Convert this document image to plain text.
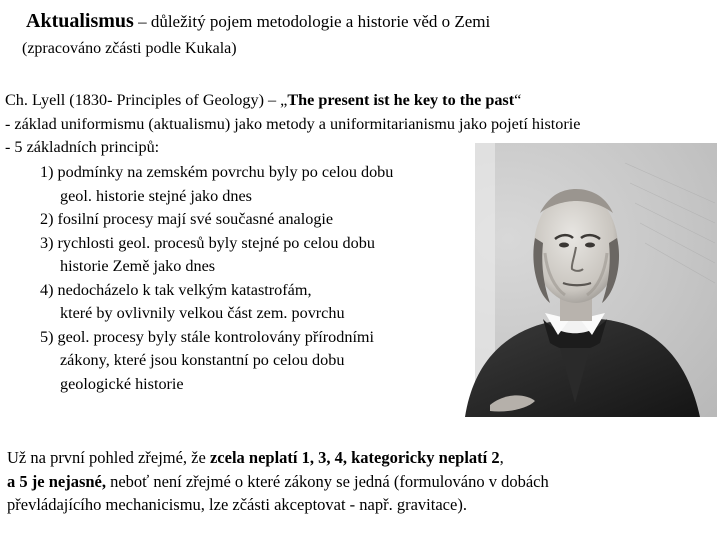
Aktualismus – důležitý pojem metodologie a historie věd o Zemi
(zpracováno zčásti podle Kukala)
Ch. Lyell (1830- Principles of Geology) – „The present ist he key to the past“
- základ uniformismu (aktualismu) jako metody a uniformitarianismu jako pojetí historie
- 5 základních principů:
1) podmínky na zemském povrchu byly po celou dobu
geol. historie stejné jako dnes
2) fosilní procesy mají své současné analogie
3) rychlosti geol. procesů byly stejné po celou dobu
historie Země jako dnes
4) nedocházelo k tak velkým katastrofám,
které by ovlivnily velkou část zem. povrchu
5) geol. procesy byly stále kontrolovány přírodními
zákony, které jsou konstantní po celou dobu
geologické historie
Už na první pohled zřejmé, že zcela neplatí 1, 3, 4, kategoricky neplatí 2,
a 5 je nejasné, neboť není zřejmé o které zákony se jedná (formulováno v dobách
převládajícího mechanicismu, lze zčásti akceptovat - např. gravitace).
